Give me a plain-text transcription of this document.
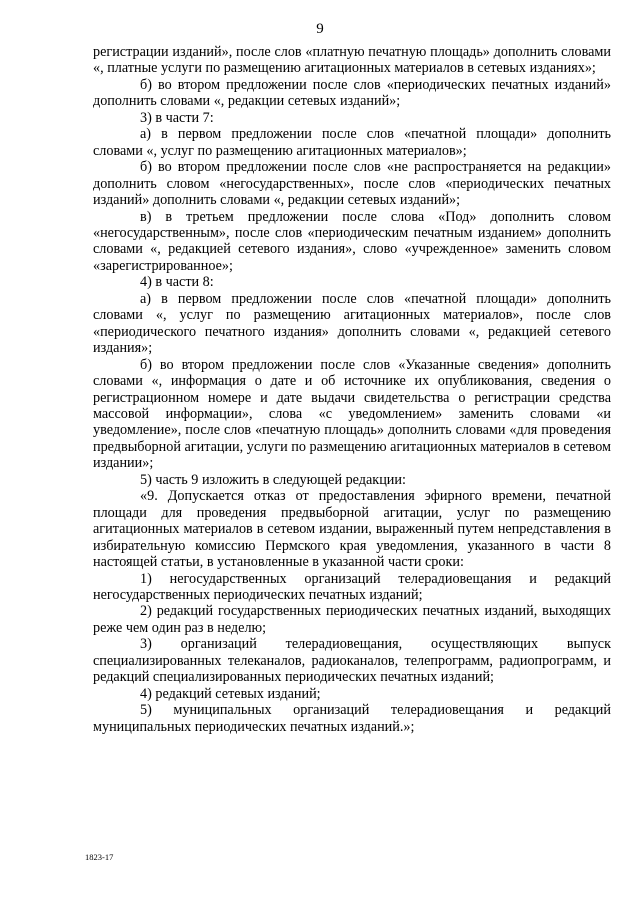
9

регистрации изданий», после слов «платную печатную площадь» дополнить словами «, платные услуги по размещению агитационных материалов в сетевых изданиях»;

б) во втором предложении после слов «периодических печатных изданий» дополнить словами «, редакции сетевых изданий»;

3) в части 7:

а) в первом предложении после слов «печатной площади» дополнить словами «, услуг по размещению агитационных материалов»;

б) во втором предложении после слов «не распространяется на редакции» дополнить словом «негосударственных», после слов «периодических печатных изданий» дополнить словами «, редакции сетевых изданий»;

в) в третьем предложении после слова «Под» дополнить словом «негосударственным», после слов «периодическим печатным изданием» дополнить словами «, редакцией сетевого издания», слово «учрежденное» заменить словом «зарегистрированное»;

4) в части 8:

а) в первом предложении после слов «печатной площади» дополнить словами «, услуг по размещению агитационных материалов», после слов «периодического печатного издания» дополнить словами «, редакцией сетевого издания»;

б) во втором предложении после слов «Указанные сведения» дополнить словами «, информация о дате и об источнике их опубликования, сведения о регистрационном номере и дате выдачи свидетельства о регистрации средства массовой информации», слова «с уведомлением» заменить словами «и уведомление», после слов «печатную площадь» дополнить словами «для проведения предвыборной агитации, услуги по размещению агитационных материалов в сетевом издании»;

5) часть 9 изложить в следующей редакции:

«9. Допускается отказ от предоставления эфирного времени, печатной площади для проведения предвыборной агитации, услуг по размещению агитационных материалов в сетевом издании, выраженный путем непредставления в избирательную комиссию Пермского края уведомления, указанного в части 8 настоящей статьи, в установленные в указанной части сроки:

1) негосударственных организаций телерадиовещания и редакций негосударственных периодических печатных изданий;

2) редакций государственных периодических печатных изданий, выходящих реже чем один раз в неделю;

3) организаций телерадиовещания, осуществляющих выпуск специализированных телеканалов, радиоканалов, телепрограмм, радиопрограмм, и редакций специализированных периодических печатных изданий;

4) редакций сетевых изданий;

5) муниципальных организаций телерадиовещания и редакций муниципальных периодических печатных изданий.»;

1823-17
